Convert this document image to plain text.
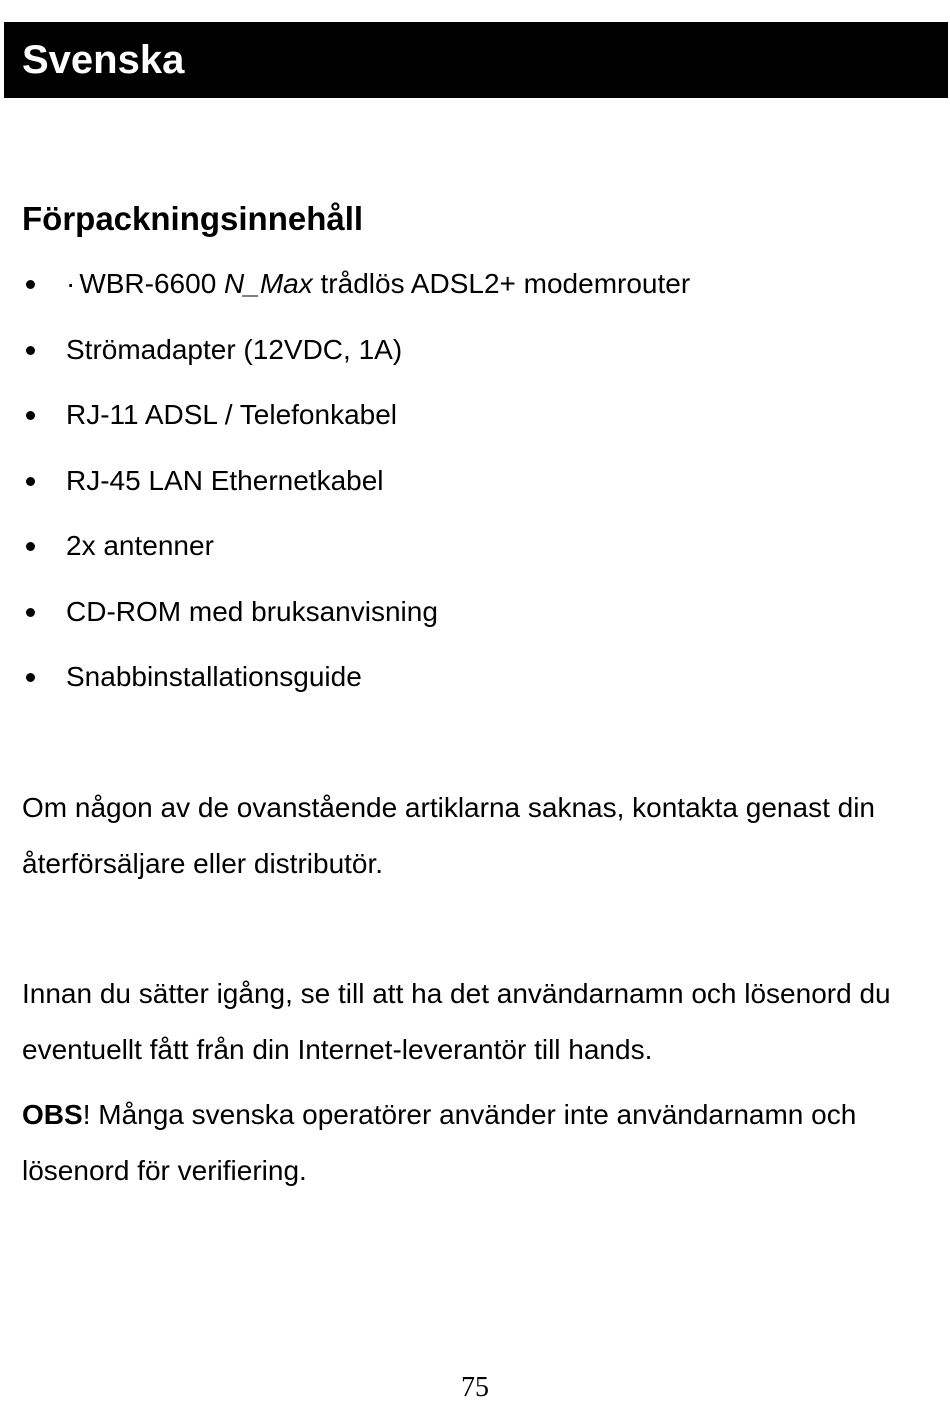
Svenska
Förpackningsinnehåll
· WBR-6600 N_Max trådlös ADSL2+ modemrouter
Strömadapter (12VDC, 1A)
RJ-11 ADSL / Telefonkabel
RJ-45 LAN Ethernetkabel
2x antenner
CD-ROM med bruksanvisning
Snabbinstallationsguide

Om någon av de ovanstående artiklarna saknas, kontakta genast din återförsäljare eller distributör.

Innan du sätter igång, se till att ha det användarnamn och lösenord du eventuellt fått från din Internet-leverantör till hands.

OBS! Många svenska operatörer använder inte användarnamn och lösenord för verifiering.

75
